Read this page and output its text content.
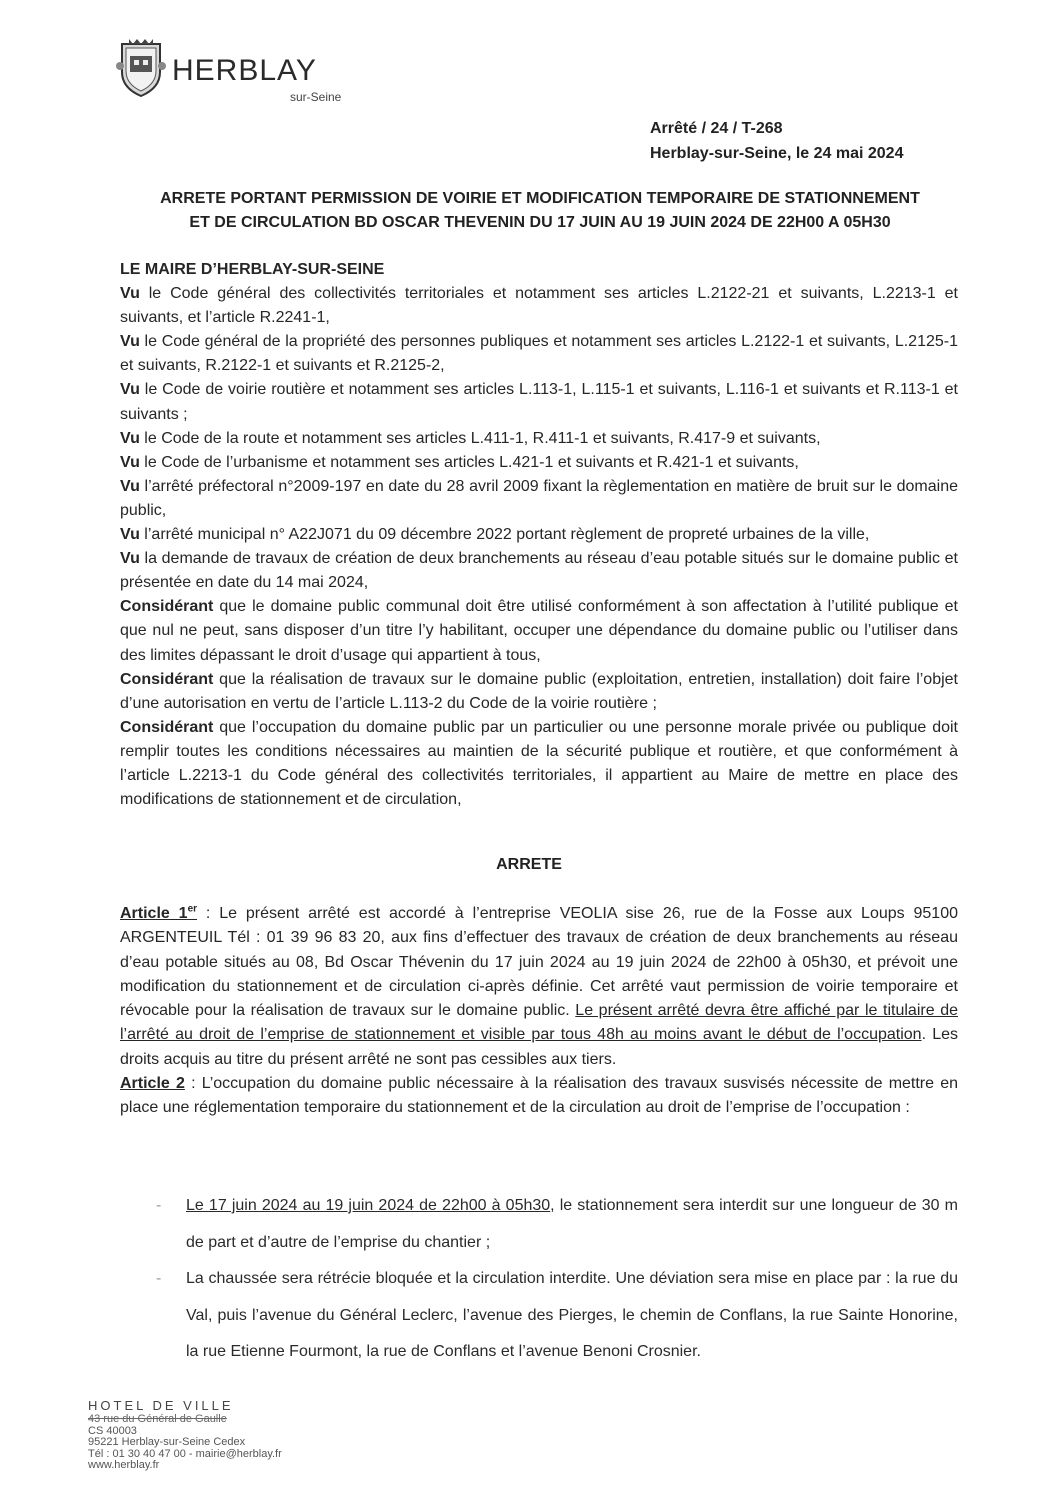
HERBLAY
sur-Seine
Arrêté / 24 / T-268
Herblay-sur-Seine, le 24 mai 2024
ARRETE PORTANT PERMISSION DE VOIRIE ET MODIFICATION TEMPORAIRE DE STATIONNEMENT
ET DE CIRCULATION BD OSCAR THEVENIN DU 17 JUIN AU 19 JUIN 2024 DE 22H00 A 05H30

LE MAIRE D’HERBLAY-SUR-SEINE

Vu le Code général des collectivités territoriales et notamment ses articles L.2122-21 et suivants, L.2213-1 et suivants, et l’article R.2241-1,

Vu le Code général de la propriété des personnes publiques et notamment ses articles L.2122-1 et suivants, L.2125-1 et suivants, R.2122-1 et suivants et R.2125-2,

Vu le Code de voirie routière et notamment ses articles L.113-1, L.115-1 et suivants, L.116-1 et suivants et R.113-1 et suivants ;

Vu le Code de la route et notamment ses articles L.411-1, R.411-1 et suivants, R.417-9 et suivants,

Vu le Code de l’urbanisme et notamment ses articles L.421-1 et suivants et R.421-1 et suivants,

Vu l’arrêté préfectoral n°2009-197 en date du 28 avril 2009 fixant la règlementation en matière de bruit sur le domaine public,

Vu l’arrêté municipal n° A22J071 du 09 décembre 2022 portant règlement de propreté urbaines de la ville,

Vu la demande de travaux de création de deux branchements au réseau d’eau potable situés sur le domaine public et présentée en date du 14 mai 2024,

Considérant que le domaine public communal doit être utilisé conformément à son affectation à l’utilité publique et que nul ne peut, sans disposer d’un titre l’y habilitant, occuper une dépendance du domaine public ou l’utiliser dans des limites dépassant le droit d’usage qui appartient à tous,

Considérant que la réalisation de travaux sur le domaine public (exploitation, entretien, installation) doit faire l’objet d’une autorisation en vertu de l’article L.113-2 du Code de la voirie routière ;

Considérant que l’occupation du domaine public par un particulier ou une personne morale privée ou publique doit remplir toutes les conditions nécessaires au maintien de la sécurité publique et routière, et que conformément à l’article L.2213-1 du Code général des collectivités territoriales, il appartient au Maire de mettre en place des modifications de stationnement et de circulation,

ARRETE

Article 1er : Le présent arrêté est accordé à l’entreprise VEOLIA sise 26, rue de la Fosse aux Loups 95100 ARGENTEUIL Tél : 01 39 96 83 20, aux fins d’effectuer des travaux de création de deux branchements au réseau d’eau potable situés au 08, Bd Oscar Thévenin du 17 juin 2024 au 19 juin 2024 de 22h00 à 05h30, et prévoit une modification du stationnement et de circulation ci-après définie. Cet arrêté vaut permission de voirie temporaire et révocable pour la réalisation de travaux sur le domaine public. Le présent arrêté devra être affiché par le titulaire de l’arrêté au droit de l’emprise de stationnement et visible par tous 48h au moins avant le début de l’occupation. Les droits acquis au titre du présent arrêté ne sont pas cessibles aux tiers.

Article 2 : L’occupation du domaine public nécessaire à la réalisation des travaux susvisés nécessite de mettre en place une réglementation temporaire du stationnement et de la circulation au droit de l’emprise de l’occupation :

- Le 17 juin 2024 au 19 juin 2024 de 22h00 à 05h30, le stationnement sera interdit sur une longueur de 30 m de part et d’autre de l’emprise du chantier ;

- La chaussée sera rétrécie bloquée et la circulation interdite. Une déviation sera mise en place par : la rue du Val, puis l’avenue du Général Leclerc, l’avenue des Pierges, le chemin de Conflans, la rue Sainte Honorine, la rue Etienne Fourmont, la rue de Conflans et l’avenue Benoni Crosnier.

HOTEL DE VILLE
43 rue du Général de Gaulle
CS 40003
95221 Herblay-sur-Seine Cedex
Tél : 01 30 40 47 00 - mairie@herblay.fr
www.herblay.fr
